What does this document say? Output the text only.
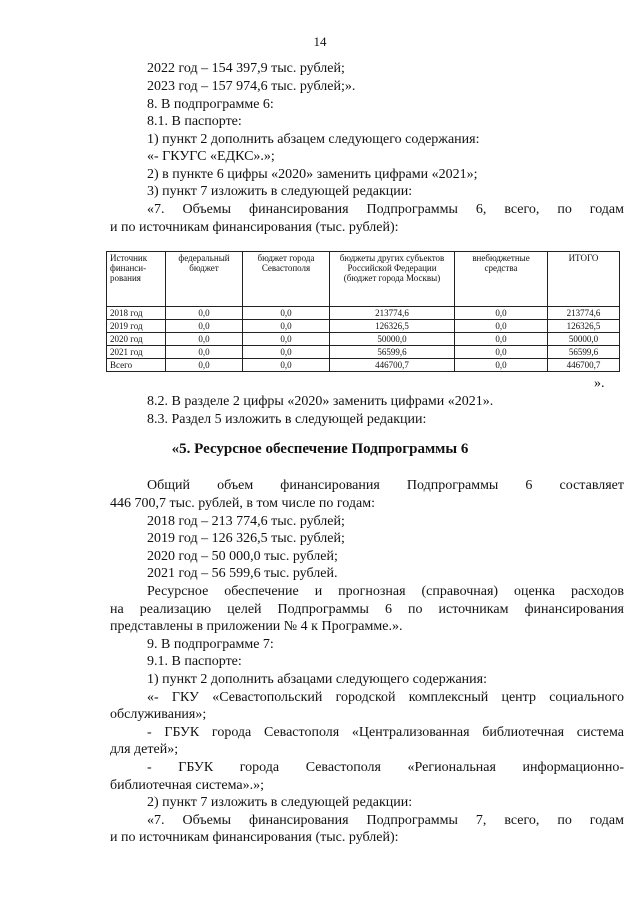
14
2022 год – 154 397,9 тыс. рублей;
2023 год – 157 974,6 тыс. рублей;».
8. В подпрограмме 6:
8.1. В паспорте:
1) пункт 2 дополнить абзацем следующего содержания:
«- ГКУГС «ЕДКС».»;
2) в пункте 6 цифры «2020» заменить цифрами «2021»;
3) пункт 7 изложить в следующей редакции:
«7. Объемы финансирования Подпрограммы 6, всего, по годам
и по источникам финансирования (тыс. рублей):
Источник финанси-рования	федеральный бюджет	бюджет города Севастополя	бюджеты других субъектов Российской Федерации (бюджет города Москвы)	внебюджетные средства	ИТОГО
2018 год	0,0	0,0	213774,6	0,0	213774,6
2019 год	0,0	0,0	126326,5	0,0	126326,5
2020 год	0,0	0,0	50000,0	0,0	50000,0
2021 год	0,0	0,0	56599,6	0,0	56599,6
Всего	0,0	0,0	446700,7	0,0	446700,7
».
8.2. В разделе 2 цифры «2020» заменить цифрами «2021».
8.3. Раздел 5 изложить в следующей редакции:
«5. Ресурсное обеспечение Подпрограммы 6
Общий объем финансирования Подпрограммы 6 составляет
446 700,7 тыс. рублей, в том числе по годам:
2018 год – 213 774,6 тыс. рублей;
2019 год – 126 326,5 тыс. рублей;
2020 год – 50 000,0 тыс. рублей;
2021 год – 56 599,6 тыс. рублей.
Ресурсное обеспечение и прогнозная (справочная) оценка расходов
на реализацию целей Подпрограммы 6 по источникам финансирования
представлены в приложении № 4 к Программе.».
9. В подпрограмме 7:
9.1. В паспорте:
1) пункт 2 дополнить абзацами следующего содержания:
«- ГКУ «Севастопольский городской комплексный центр социального
обслуживания»;
- ГБУК города Севастополя «Централизованная библиотечная система
для детей»;
- ГБУК города Севастополя «Региональная информационно-
библиотечная система».»;
2) пункт 7 изложить в следующей редакции:
«7. Объемы финансирования Подпрограммы 7, всего, по годам
и по источникам финансирования (тыс. рублей):
